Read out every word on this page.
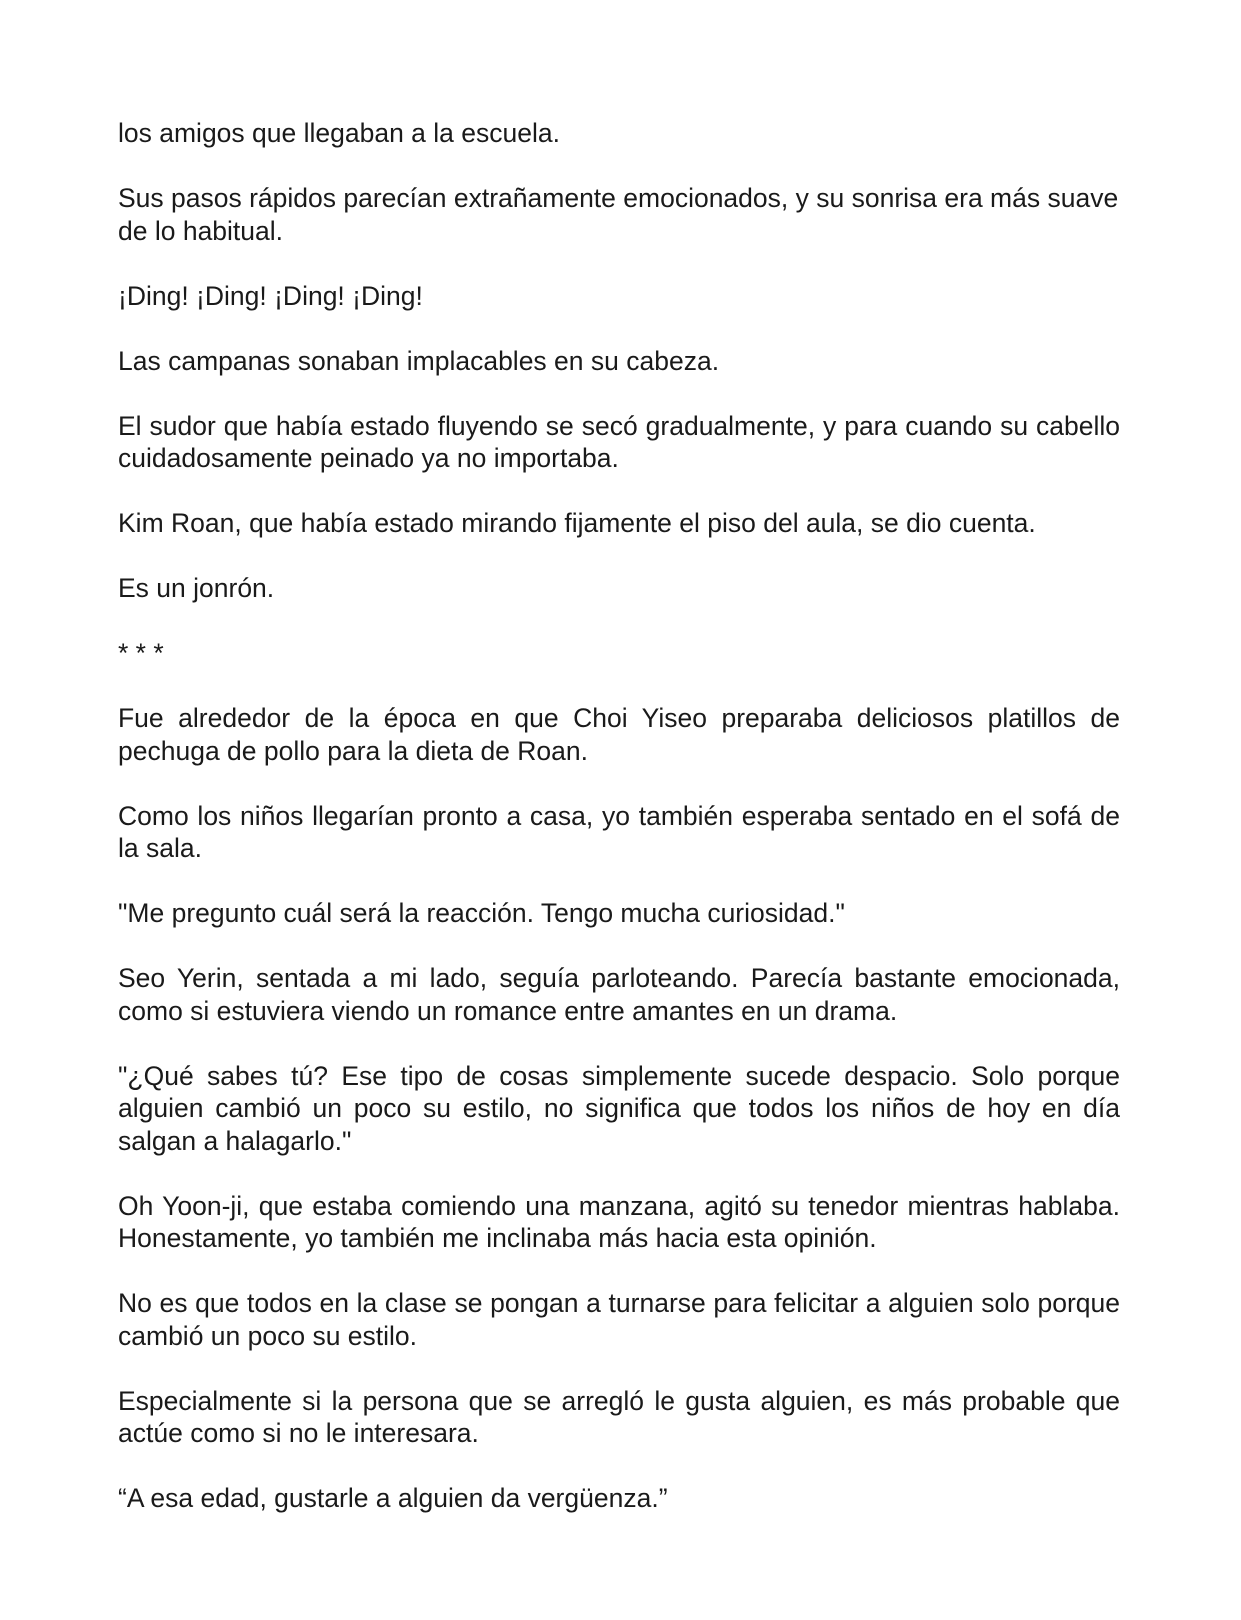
los amigos que llegaban a la escuela.

Sus pasos rápidos parecían extrañamente emocionados, y su sonrisa era más suave de lo habitual.

¡Ding! ¡Ding! ¡Ding! ¡Ding!

Las campanas sonaban implacables en su cabeza.

El sudor que había estado fluyendo se secó gradualmente, y para cuando su cabello cuidadosamente peinado ya no importaba.

Kim Roan, que había estado mirando fijamente el piso del aula, se dio cuenta.

Es un jonrón.

* * *

Fue alrededor de la época en que Choi Yiseo preparaba deliciosos platillos de pechuga de pollo para la dieta de Roan.

Como los niños llegarían pronto a casa, yo también esperaba sentado en el sofá de la sala.

"Me pregunto cuál será la reacción. Tengo mucha curiosidad."

Seo Yerin, sentada a mi lado, seguía parloteando. Parecía bastante emocionada, como si estuviera viendo un romance entre amantes en un drama.

"¿Qué sabes tú? Ese tipo de cosas simplemente sucede despacio. Solo porque alguien cambió un poco su estilo, no significa que todos los niños de hoy en día salgan a halagarlo."

Oh Yoon-ji, que estaba comiendo una manzana, agitó su tenedor mientras hablaba. Honestamente, yo también me inclinaba más hacia esta opinión.

No es que todos en la clase se pongan a turnarse para felicitar a alguien solo porque cambió un poco su estilo.

Especialmente si la persona que se arregló le gusta alguien, es más probable que actúe como si no le interesara.

“A esa edad, gustarle a alguien da vergüenza.”
